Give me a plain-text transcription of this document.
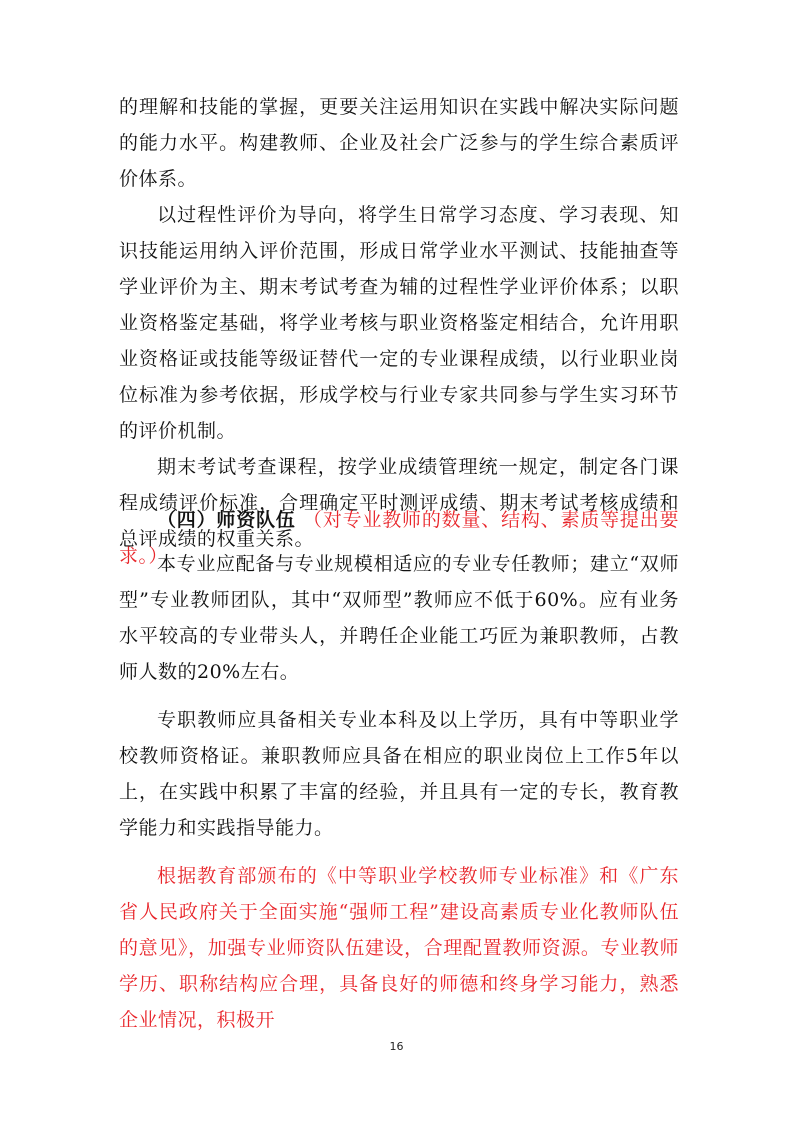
的理解和技能的掌握，更要关注运用知识在实践中解决实际问题的能力水平。构建教师、企业及社会广泛参与的学生综合素质评价体系。

以过程性评价为导向，将学生日常学习态度、学习表现、知识技能运用纳入评价范围，形成日常学业水平测试、技能抽查等学业评价为主、期末考试考查为辅的过程性学业评价体系；以职业资格鉴定基础，将学业考核与职业资格鉴定相结合，允许用职业资格证或技能等级证替代一定的专业课程成绩，以行业职业岗位标准为参考依据，形成学校与行业专家共同参与学生实习环节的评价机制。

期末考试考查课程，按学业成绩管理统一规定，制定各门课程成绩评价标准，合理确定平时测评成绩、期末考试考核成绩和总评成绩的权重关系。

（四）师资队伍 （对专业教师的数量、结构、素质等提出要求。）

本专业应配备与专业规模相适应的专业专任教师；建立“双师型”专业教师团队，其中“双师型”教师应不低于60%。应有业务水平较高的专业带头人，并聘任企业能工巧匠为兼职教师，占教师人数的20%左右。

专职教师应具备相关专业本科及以上学历，具有中等职业学校教师资格证。兼职教师应具备在相应的职业岗位上工作5年以上，在实践中积累了丰富的经验，并且具有一定的专长，教育教学能力和实践指导能力。

根据教育部颁布的《中等职业学校教师专业标准》和《广东省人民政府关于全面实施“强师工程”建设高素质专业化教师队伍的意见》，加强专业师资队伍建设，合理配置教师资源。专业教师学历、职称结构应合理，具备良好的师德和终身学习能力，熟悉企业情况，积极开

16
